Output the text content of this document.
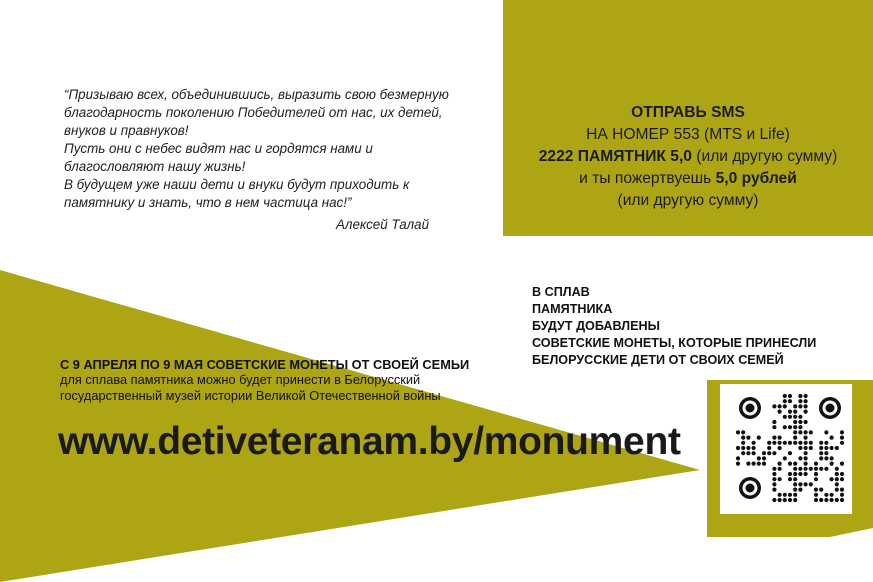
“Призываю всех, объединившись, выразить свою безмерную
благодарность поколению Победителей от нас, их детей,
внуков и правнуков!
Пусть они с небес видят нас и гордятся нами и
благословляют нашу жизнь!
В будущем уже наши дети и внуки будут приходить к
памятнику и знать, что в нем частица нас!”
Алексей Талай
ОТПРАВЬ SMS
НА НОМЕР 553 (MTS и Life)
2222 ПАМЯТНИК 5,0 (или другую сумму)
и ты пожертвуешь 5,0 рублей
(или другую сумму)
В СПЛАВ
ПАМЯТНИКА
БУДУТ ДОБАВЛЕНЫ
СОВЕТСКИЕ МОНЕТЫ, КОТОРЫЕ ПРИНЕСЛИ
БЕЛОРУССКИЕ ДЕТИ ОТ СВОИХ СЕМЕЙ
С 9 АПРЕЛЯ ПО 9 МАЯ СОВЕТСКИЕ МОНЕТЫ ОТ СВОЕЙ СЕМЬИ
для сплава памятника можно будет принести в Белорусский
государственный музей истории Великой Отечественной войны
www.detiveteranam.by/monument
